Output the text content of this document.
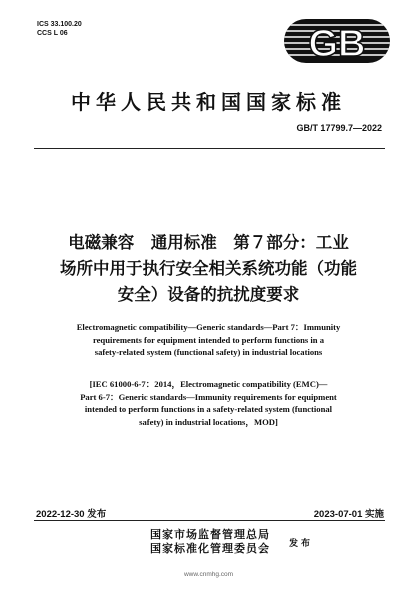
ICS 33.100.20
CCS L 06	GB
中华人民共和国国家标准
GB/T 17799.7—2022
电磁兼容　通用标准　第７部分：工业
场所中用于执行安全相关系统功能（功能
安全）设备的抗扰度要求
Electromagnetic compatibility—Generic standards—Part 7：Immunity
requirements for equipment intended to perform functions in a
safety-related system (functional safety) in industrial locations
[IEC 61000-6-7：2014，Electromagnetic compatibility (EMC)—
Part 6-7：Generic standards—Immunity requirements for equipment
intended to perform functions in a safety-related system (functional
safety) in industrial locations，MOD]
2022-12-30 发布	2023-07-01 实施
国家市场监督管理总局
国家标准化管理委员会 发布
www.cnmhg.com
